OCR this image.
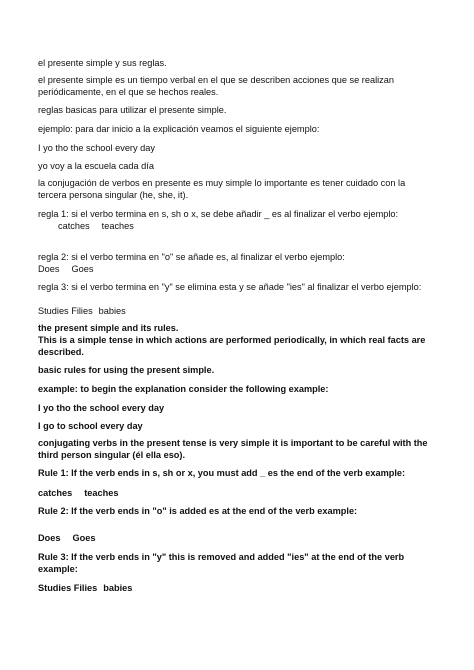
el presente simple y sus reglas.
el presente simple es un tiempo verbal en el que se describen acciones que se realizan periódicamente, en el que se hechos reales.
reglas basicas para utilizar el presente simple.
ejemplo: para dar inicio a la explicación veamos el siguiente ejemplo:
I yo tho the school every day
yo voy a la escuela cada día
la conjugación de verbos en presente es muy simple lo importante es tener cuidado con la tercera persona singular (he, she, it).
regla 1: si el verbo termina en s, sh o x, se debe añadir _ es al finalizar el verbo ejemplo:
catches teaches
regla 2: si el verbo termina en "o" se añade es, al finalizar el verbo ejemplo:
Does Goes
regla 3: si el verbo termina en "y" se elimina esta y se añade "ies" al finalizar el verbo ejemplo:
Studies Filies babies
the present simple and its rules.
This is a simple tense in which actions are performed periodically, in which real facts are described.
basic rules for using the present simple.
example: to begin the explanation consider the following example:
I yo tho the school every day
I go to school every day
conjugating verbs in the present tense is very simple it is important to be careful with the third person singular (él ella eso).
Rule 1: If the verb ends in s, sh or x, you must add _ es the end of the verb example:
catches teaches
Rule 2: If the verb ends in "o" is added es at the end of the verb example:
Does Goes
Rule 3: If the verb ends in "y" this is removed and added "ies" at the end of the verb example:
Studies Filies babies
